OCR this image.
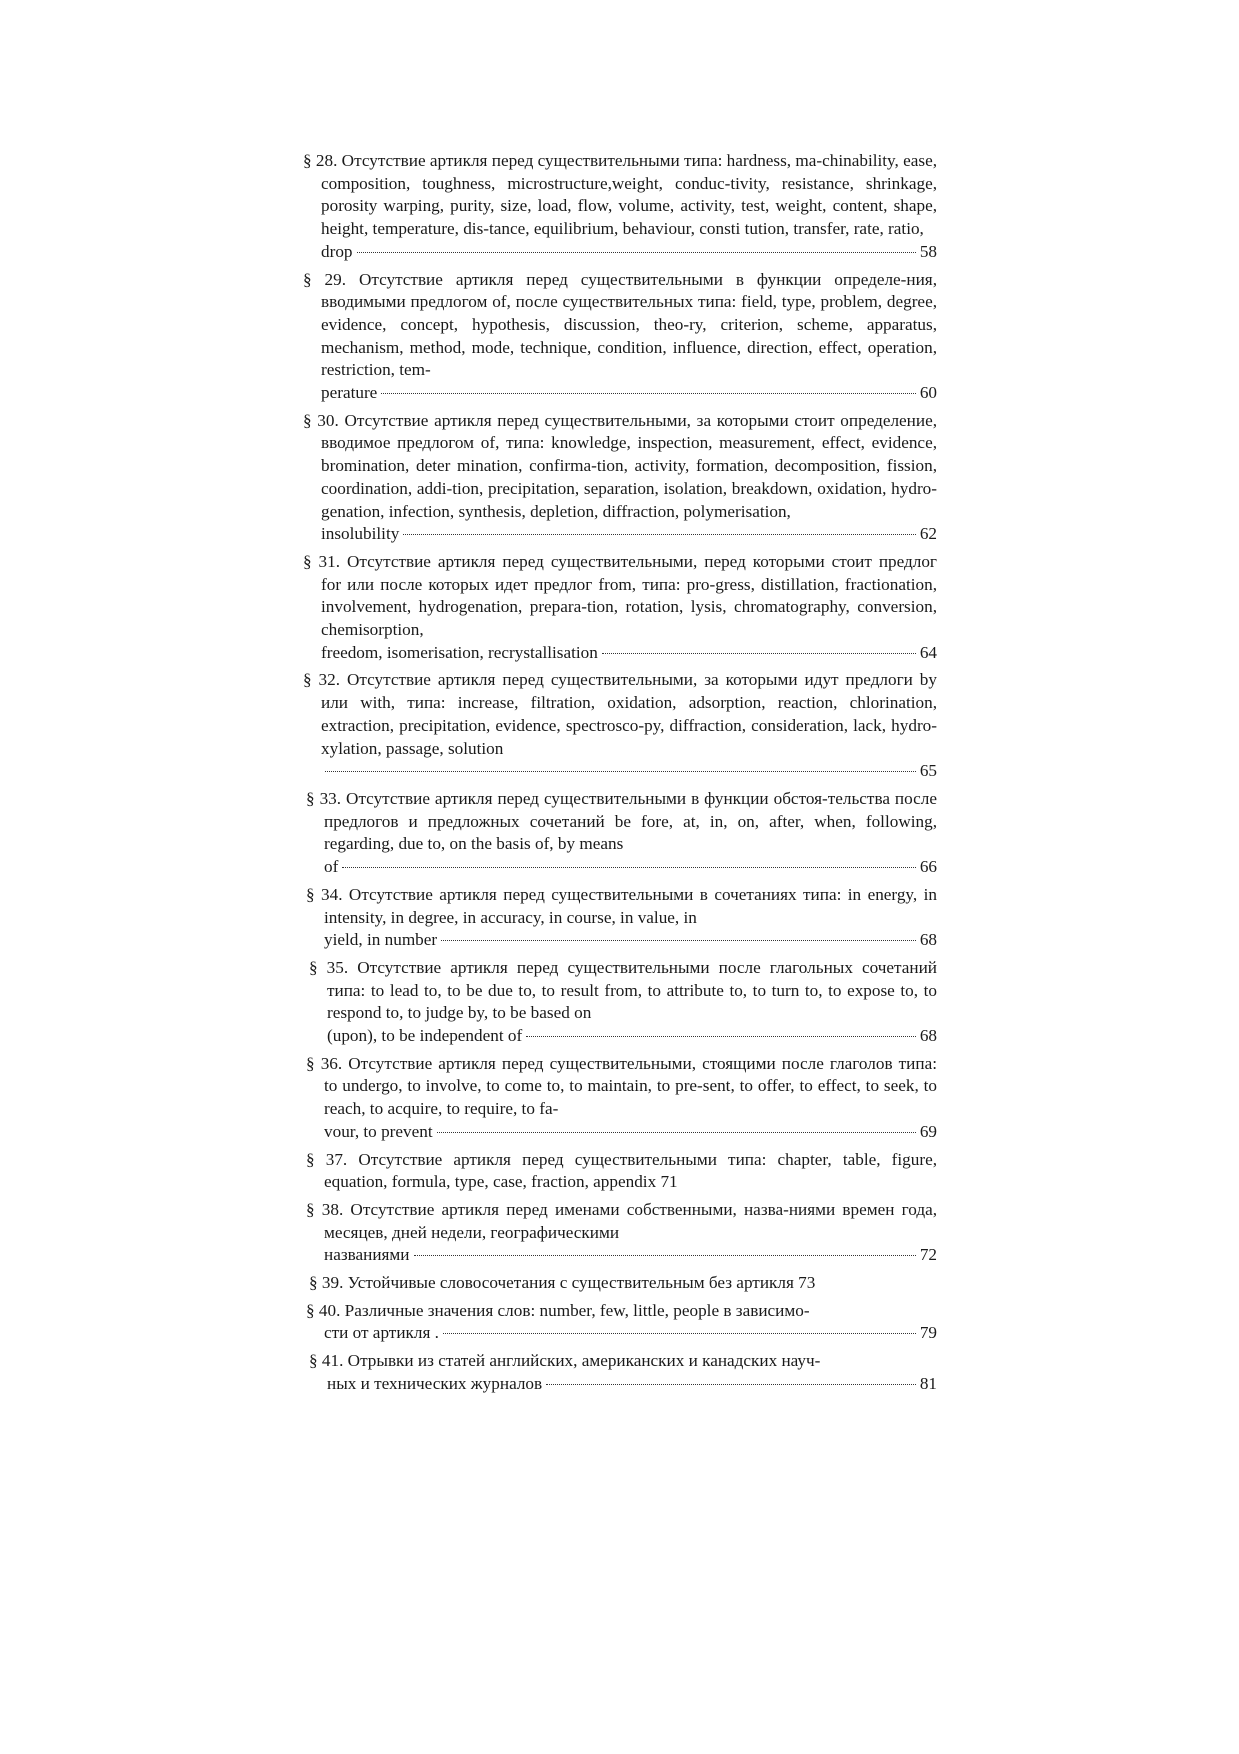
§ 28. Отсутствие артикля перед существительными типа: hardness, ma-chinability, ease, composition, toughness, microstructure,weight, conduc-tivity, resistance, shrinkage, porosity warping, purity, size, load, flow, volume, activity, test, weight, content, shape, height, temperature, dis-tance, equilibrium, behaviour, consti tution, transfer, rate, ratio,
drop	58
§ 29. Отсутствие артикля перед существительными в функции определе-ния, вводимыми предлогом of, после существительных типа: field, type, problem, degree, evidence, concept, hypothesis, discussion, theo-ry, criterion, scheme, apparatus, mechanism, method, mode, technique, condition, influence, direction, effect, operation, restriction, tem-
perature	60
§ 30. Отсутствие артикля перед существительными, за которыми стоит определение, вводимое предлогом of, типа: knowledge, inspection, measurement, effect, evidence, bromination, deter mination, confirma-tion, activity, formation, decomposition, fission, coordination, addi-tion, precipitation, separation, isolation, breakdown, oxidation, hydro-genation, infection, synthesis, depletion, diffraction, polymerisation,
insolubility	62
§ 31. Отсутствие артикля перед существительными, перед которыми стоит предлог for или после которых идет предлог from, типа: pro-gress, distillation, fractionation, involvement, hydrogenation, prepara-tion, rotation, lysis, chromatography, conversion, chemisorption,
freedom, isomerisation, recrystallisation	64
§ 32. Отсутствие артикля перед существительными, за которыми идут предлоги by или with, типа: increase, filtration, oxidation, adsorption, reaction, chlorination, extraction, precipitation, evidence, spectrosco-py, diffraction, consideration, lack, hydro- xylation, passage, solution
65
§ 33. Отсутствие артикля перед существительными в функции обстоя-тельства после предлогов и предложных сочетаний be fore, at, in, on, after, when, following, regarding, due to, on the basis of, by means
of	66
§ 34. Отсутствие артикля перед существительными в сочетаниях типа: in energy, in intensity, in degree, in accuracy, in course, in value, in
yield, in number	68
§ 35. Отсутствие артикля перед существительными после глагольных сочетаний типа: to lead to, to be due to, to result from, to attribute to, to turn to, to expose to, to respond to, to judge by, to be based on
(upon), to be independent of	68
§ 36. Отсутствие артикля перед существительными, стоящими после глаголов типа: to undergo, to involve, to come to, to maintain, to pre-sent, to offer, to effect, to seek, to reach, to acquire, to require, to fa-
vour, to prevent	69
§ 37. Отсутствие артикля перед существительными типа: chapter, table, figure, equation, formula, type, case, fraction, appendix 71
§ 38. Отсутствие артикля перед именами собственными, назва-ниями времен года, месяцев, дней недели, географическими
названиями	72
§ 39. Устойчивые словосочетания с существительным без артикля 73
§ 40. Различные значения слов: number, few, little, people в зависимо-
сти от артикля .	79
§ 41. Отрывки из статей английских, американских и канадских науч-
ных и технических журналов	81
